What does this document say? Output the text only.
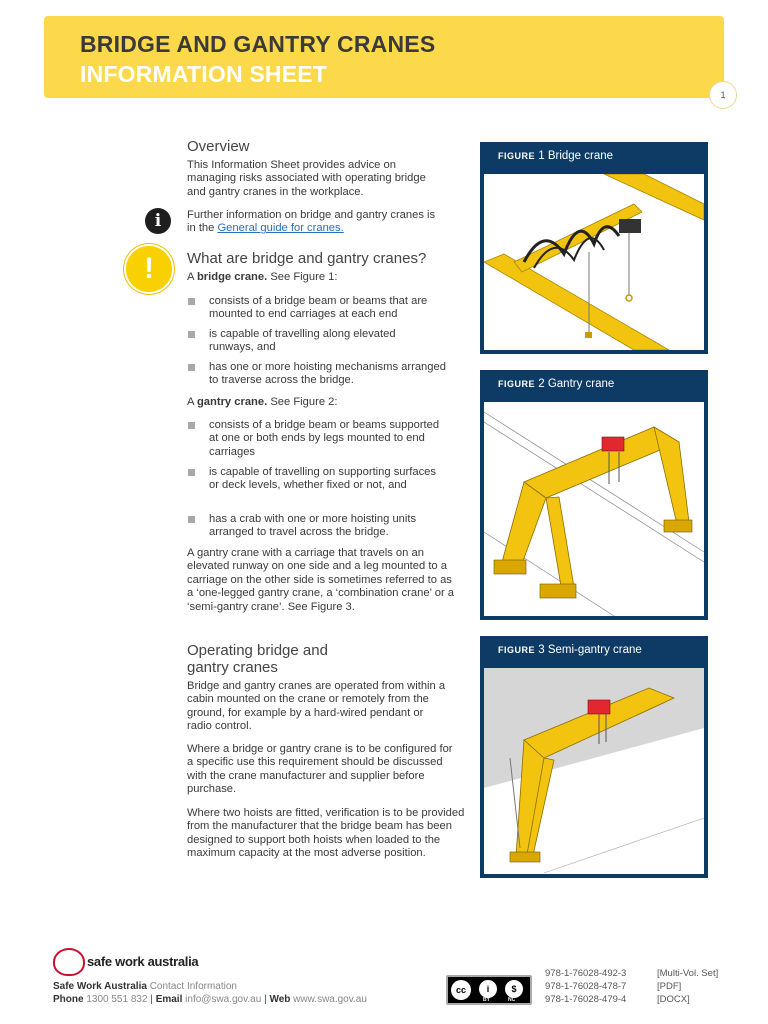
BRIDGE AND GANTRY CRANES
INFORMATION SHEET
1
Overview
This Information Sheet provides advice on managing risks associated with operating bridge and gantry cranes in the workplace.
i	Further information on bridge and gantry cranes is in the General guide for cranes.
!	What are bridge and gantry cranes?
A bridge crane. See Figure 1:
consists of a bridge beam or beams that are mounted to end carriages at each end
is capable of travelling along elevated runways, and
has one or more hoisting mechanisms arranged to traverse across the bridge.
A gantry crane. See Figure 2:
consists of a bridge beam or beams supported at one or both ends by legs mounted to end carriages
is capable of travelling on supporting surfaces or deck levels, whether fixed or not, and
has a crab with one or more hoisting units arranged to travel across the bridge.
A gantry crane with a carriage that travels on an elevated runway on one side and a leg mounted to a carriage on the other side is sometimes referred to as a ‘one-legged gantry crane, a ‘combination crane’ or a ‘semi-gantry crane’. See Figure 3.
Operating bridge and
gantry cranes
Bridge and gantry cranes are operated from within a cabin mounted on the crane or remotely from the ground, for example by a hard-wired pendant or radio control.
Where a bridge or gantry crane is to be configured for a specific use this requirement should be discussed with the crane manufacturer and supplier before purchase.
Where two hoists are fitted, verification is to be provided from the manufacturer that the bridge beam has been designed to support both hoists when loaded to the maximum capacity at the most adverse position.
FIGURE 1 Bridge crane
FIGURE 2 Gantry crane
FIGURE 3 Semi-gantry crane
safe work australia
Safe Work Australia Contact Information
Phone 1300 551 832 | Email info@swa.gov.au | Web www.swa.gov.au
cc	i	$
BY	NC
978-1-76028-492-3	[Multi-Vol. Set]
978-1-76028-478-7	[PDF]
978-1-76028-479-4	[DOCX]
